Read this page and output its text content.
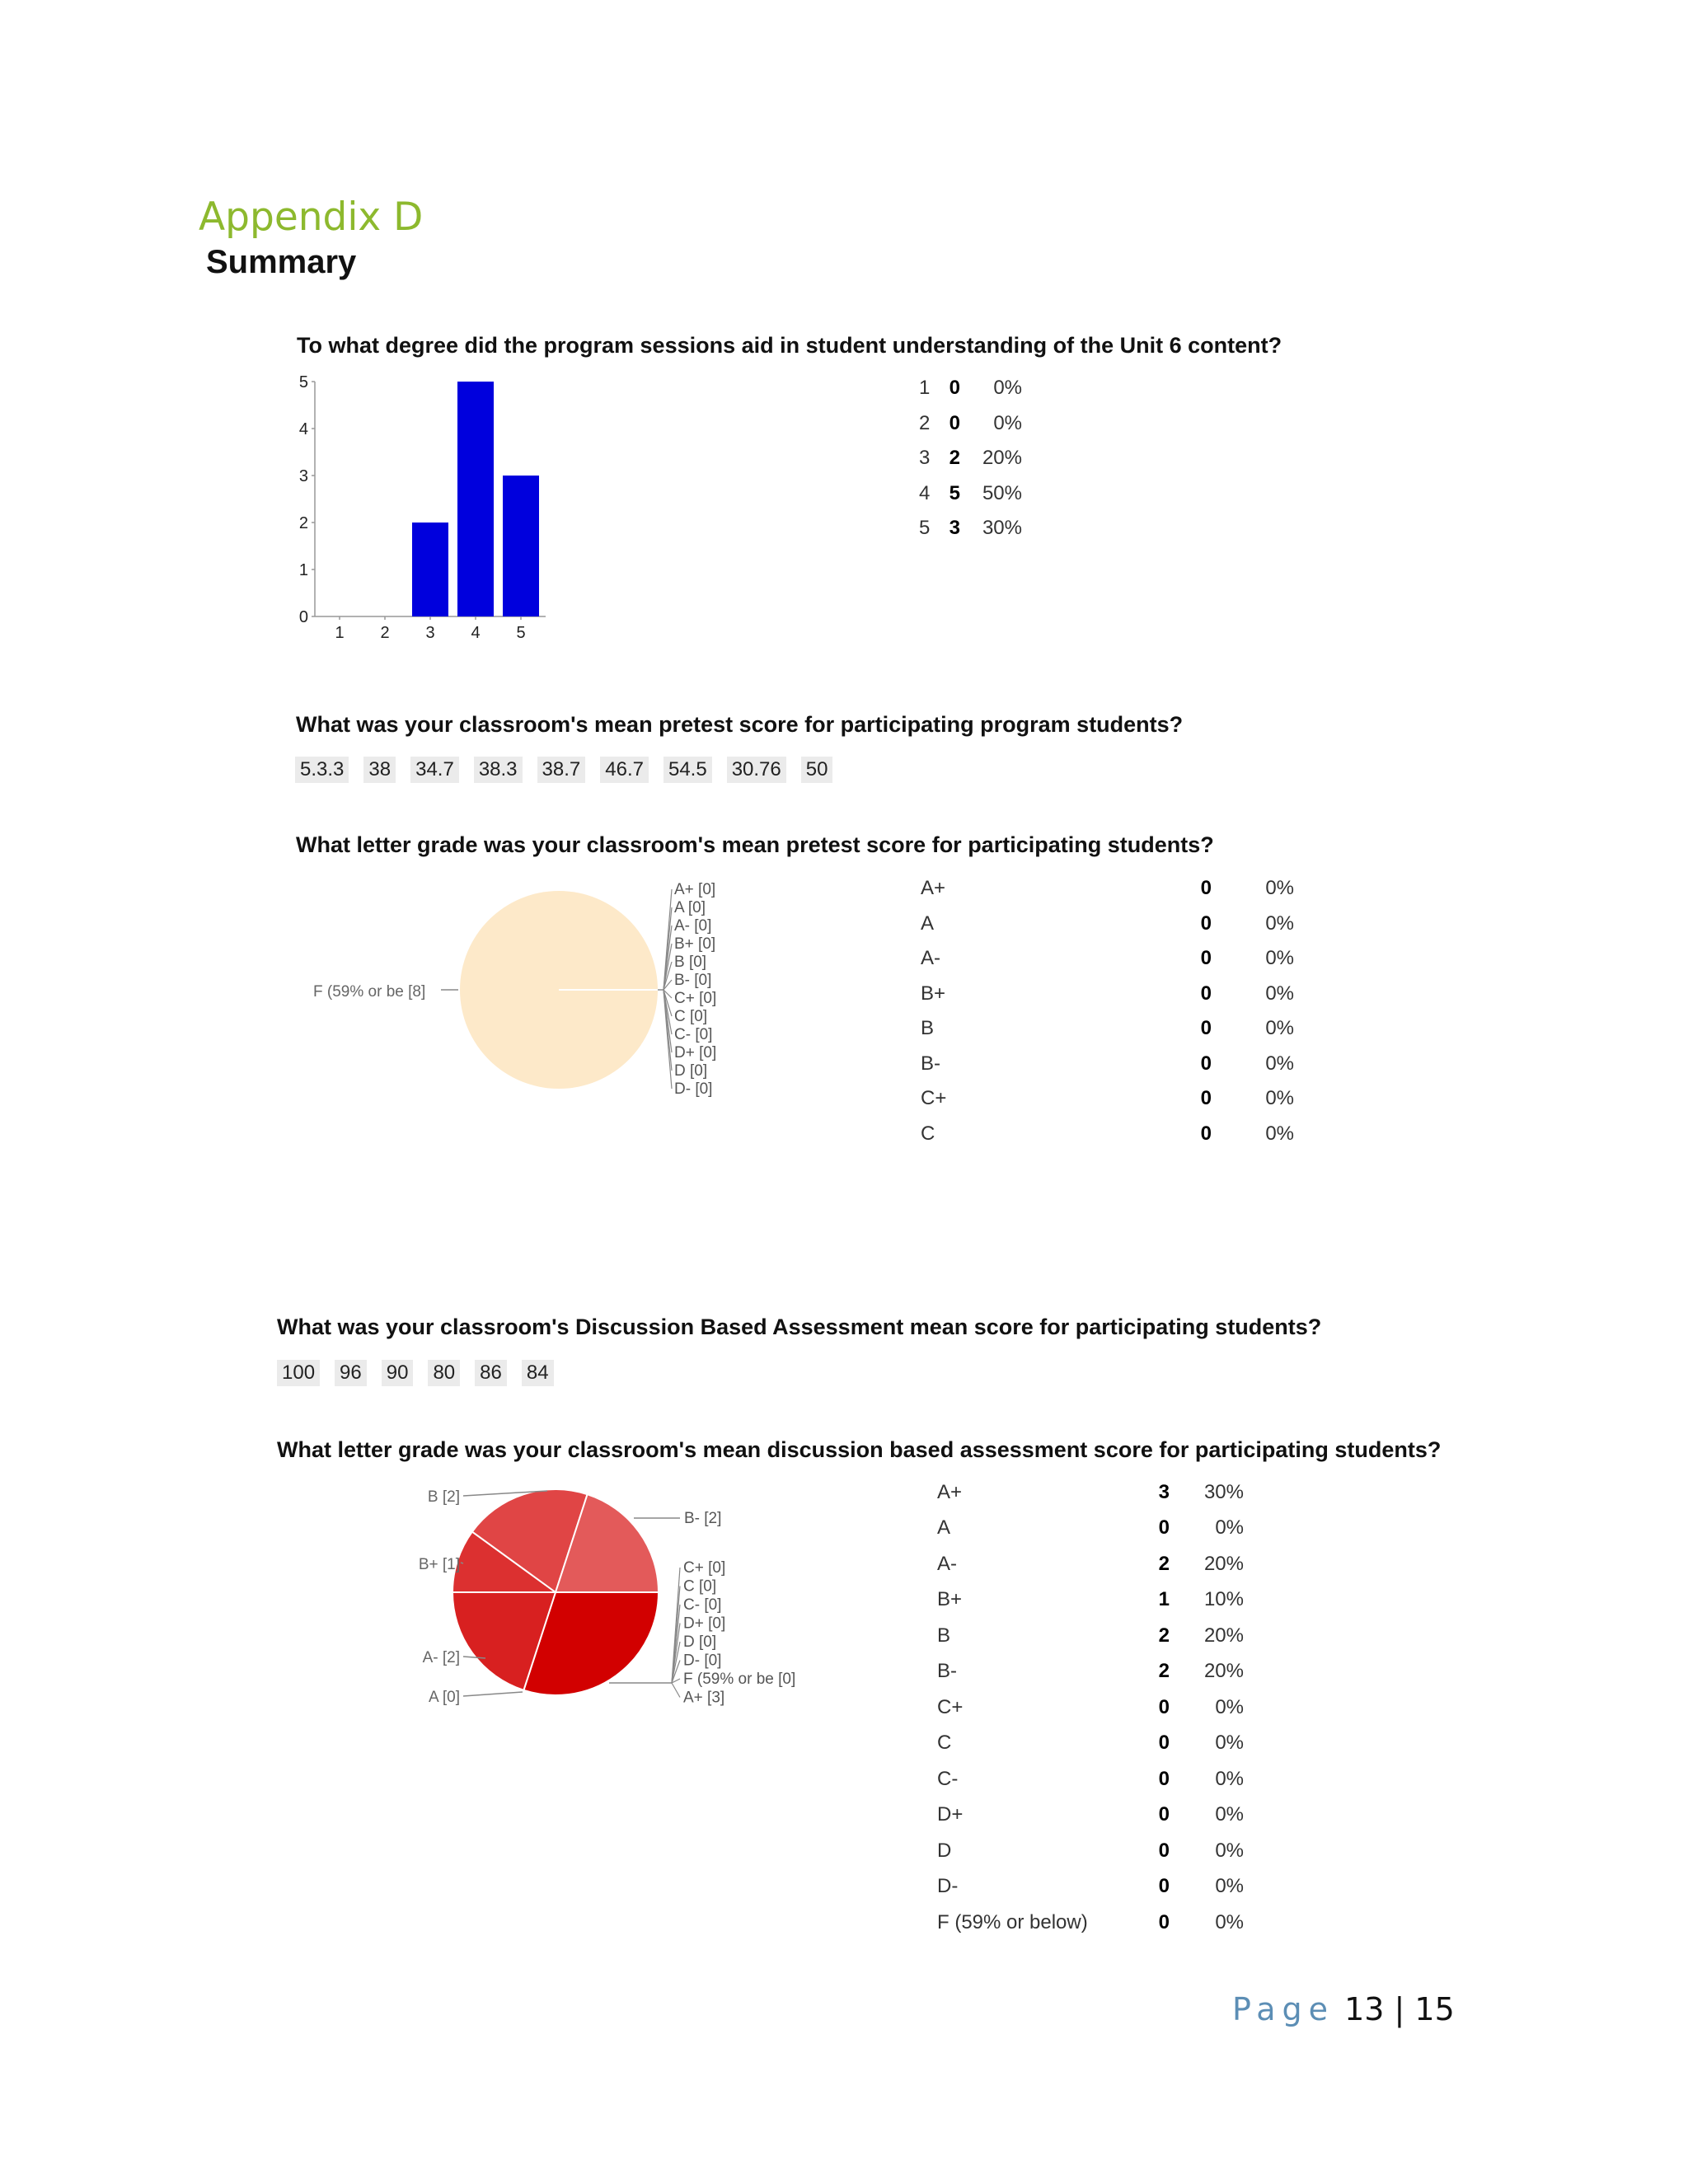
Appendix D
Summary
To what degree did the program sessions aid in student understanding of the Unit 6 content?
0
1
2
3
4
5
1 2 3 4 5
1	0	0%
2	0	0%
3	2	20%
4	5	50%
5	3	30%
What was your classroom's mean pretest score for participating program students?
5.3.3 38 34.7 38.3 38.7 46.7 54.5 30.76 50
What letter grade was your classroom's mean pretest score for participating students?
F (59% or be [8]
A+ [0]
A [0]
A- [0]
B+ [0]
B [0]
B- [0]
C+ [0]
C [0]
C- [0]
D+ [0]
D [0]
D- [0]
A+	0	0%
A	0	0%
A-	0	0%
B+	0	0%
B	0	0%
B-	0	0%
C+	0	0%
C	0	0%
What was your classroom's Discussion Based Assessment mean score for participating students?
100 96 90 80 86 84
What letter grade was your classroom's mean discussion based assessment score for participating students?
B [2]
B+ [1]
A- [2]
A [0]
B- [2]
C+ [0]
C [0]
C- [0]
D+ [0]
D [0]
D- [0]
F (59% or be [0]
A+ [3]
A+	3	30%
A	0	0%
A-	2	20%
B+	1	10%
B	2	20%
B-	2	20%
C+	0	0%
C	0	0%
C-	0	0%
D+	0	0%
D	0	0%
D-	0	0%
F (59% or below)	0	0%
Page 13 | 15
